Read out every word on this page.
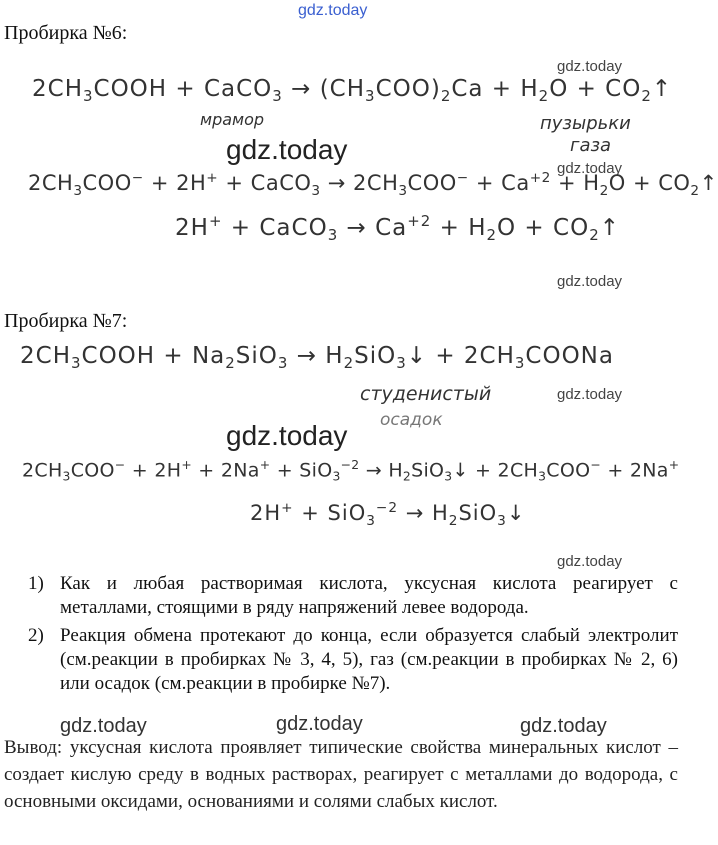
gdz.today
gdz.today
gdz.today
gdz.today
gdz.today
gdz.today
gdz.today
gdz.today
gdz.today	gdz.today	gdz.today
Пробирка №6:
$2CH_3COOH$ + CaCO$_3$ → $(CH_3COO)_2Ca + H_2O$ + $CO_2↑$
мрамор	пузырьки
газа
$2CH_3COO^- + 2H^+$ + CaCO$_3$ → $2CH_3COO^- + Ca^{+2} + H_2O$ + $CO_2↑$
2H+ + CaCO$_3$ → $Ca^{+2} + H_2O$ + $CO_2↑$
Пробирка №7:
$2CH_3COOH + Na_2SiO_3$ → $H_2SiO_3↓$ + $2CH_3COONa$
студенистый
осадок
$2CH_3COO^- + 2H^+ + 2Na^+ + SiO_3^{-2}$ → $H_2SiO_3↓ + 2CH_3COO^- + 2Na^+$
$2H^+ + SiO_3^{-2} \to H_2SiO_3↓$
1) Как и любая растворимая кислота, уксусная кислота реагирует с металлами, стоящими в ряду напряжений левее водорода.
2) Реакция обмена протекают до конца, если образуется слабый электролит (см.реакции в пробирках № 3, 4, 5), газ (см.реакции в пробирках № 2, 6) или осадок (см.реакции в пробирке №7).
Вывод: уксусная кислота проявляет типические свойства минеральных кислот – создает кислую среду в водных растворах, реагирует с металлами до водорода, с основными оксидами, основаниями и солями слабых кислот.
